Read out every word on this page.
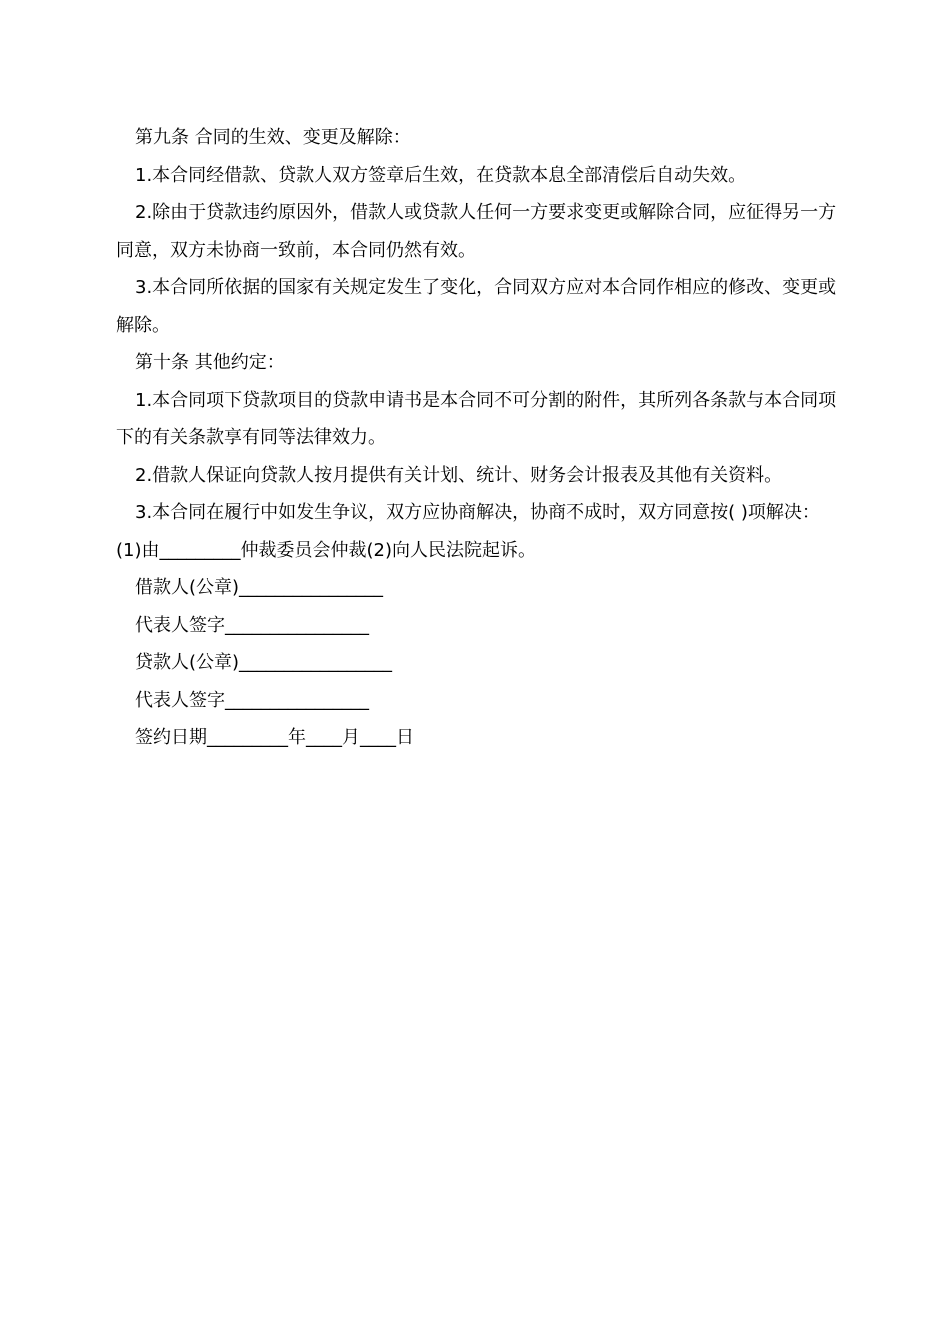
第九条 合同的生效、变更及解除：

1.本合同经借款、贷款人双方签章后生效，在贷款本息全部清偿后自动失效。

2.除由于贷款违约原因外，借款人或贷款人任何一方要求变更或解除合同，应征得另一方同意，双方未协商一致前，本合同仍然有效。

3.本合同所依据的国家有关规定发生了变化，合同双方应对本合同作相应的修改、变更或解除。

第十条 其他约定：

1.本合同项下贷款项目的贷款申请书是本合同不可分割的附件，其所列各条款与本合同项下的有关条款享有同等法律效力。

2.借款人保证向贷款人按月提供有关计划、统计、财务会计报表及其他有关资料。

3.本合同在履行中如发生争议，双方应协商解决，协商不成时，双方同意按( )项解决：(1)由_________仲裁委员会仲裁(2)向人民法院起诉。

借款人(公章)________________

代表人签字________________

贷款人(公章)_________________

代表人签字________________

签约日期_________年____月____日
